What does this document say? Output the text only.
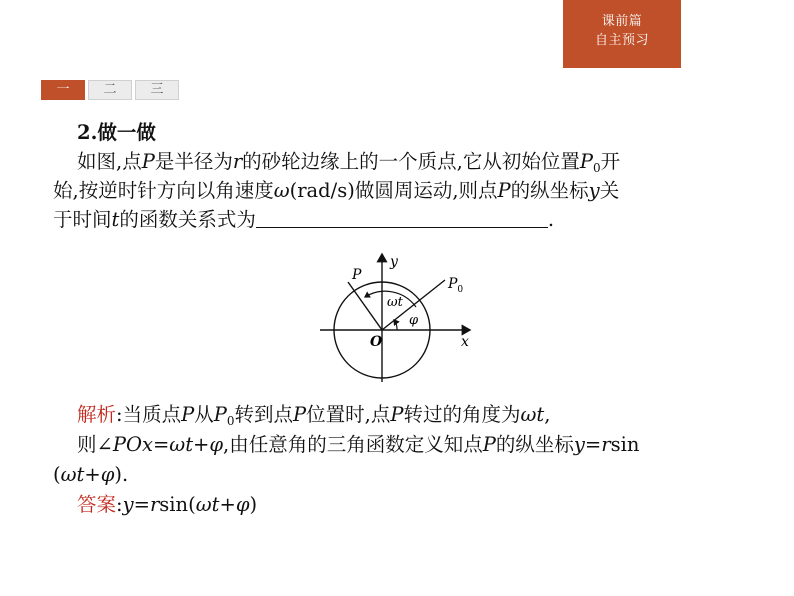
课前篇
自主预习
一	二	三

2.做一做

如图,点P是半径为r的砂轮边缘上的一个质点,它从初始位置$P_0$开

始,按逆时针方向以角速度ω(rad/s)做圆周运动,则点P的纵坐标y关

于时间t的函数关系式为	.

y
x
O
P
$P_0$
ωt
φ

解析:当质点P从$P_0$转到点P位置时,点P转过的角度为ωt,

则∠POx=ωt+φ,由任意角的三角函数定义知点P的纵坐标y=rsin

(ωt+φ).

答案:y=rsin(ωt+φ)
